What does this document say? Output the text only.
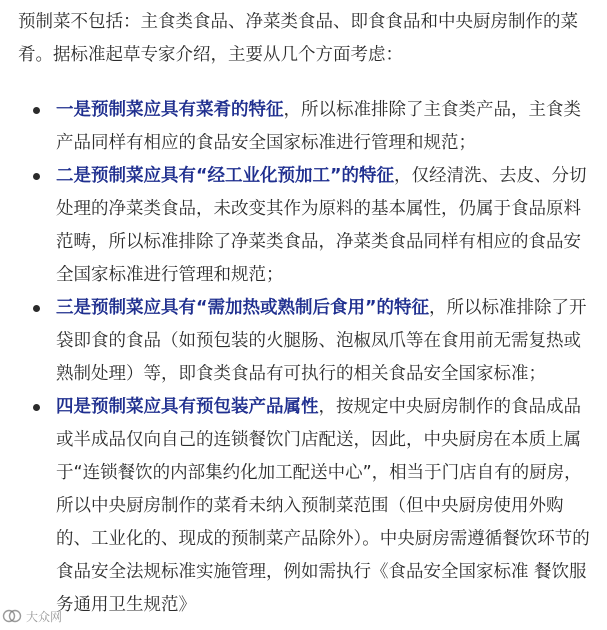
预制菜不包括：主食类食品、净菜类食品、即食食品和中央厨房制作的菜肴。据标准起草专家介绍，主要从几个方面考虑：

一是预制菜应具有菜肴的特征，所以标准排除了主食类产品，主食类产品同样有相应的食品安全国家标准进行管理和规范；
二是预制菜应具有“经工业化预加工”的特征，仅经清洗、去皮、分切处理的净菜类食品，未改变其作为原料的基本属性，仍属于食品原料范畴，所以标准排除了净菜类食品，净菜类食品同样有相应的食品安全国家标准进行管理和规范；
三是预制菜应具有“需加热或熟制后食用”的特征，所以标准排除了开袋即食的食品（如预包装的火腿肠、泡椒凤爪等在食用前无需复热或熟制处理）等，即食类食品有可执行的相关食品安全国家标准；
四是预制菜应具有预包装产品属性，按规定中央厨房制作的食品成品或半成品仅向自己的连锁餐饮门店配送，因此，中央厨房在本质上属于“连锁餐饮的内部集约化加工配送中心”，相当于门店自有的厨房，所以中央厨房制作的菜肴未纳入预制菜范围（但中央厨房使用外购的、工业化的、现成的预制菜产品除外）。中央厨房需遵循餐饮环节的食品安全法规标准实施管理，例如需执行《食品安全国家标准 餐饮服务通用卫生规范》
大众网
